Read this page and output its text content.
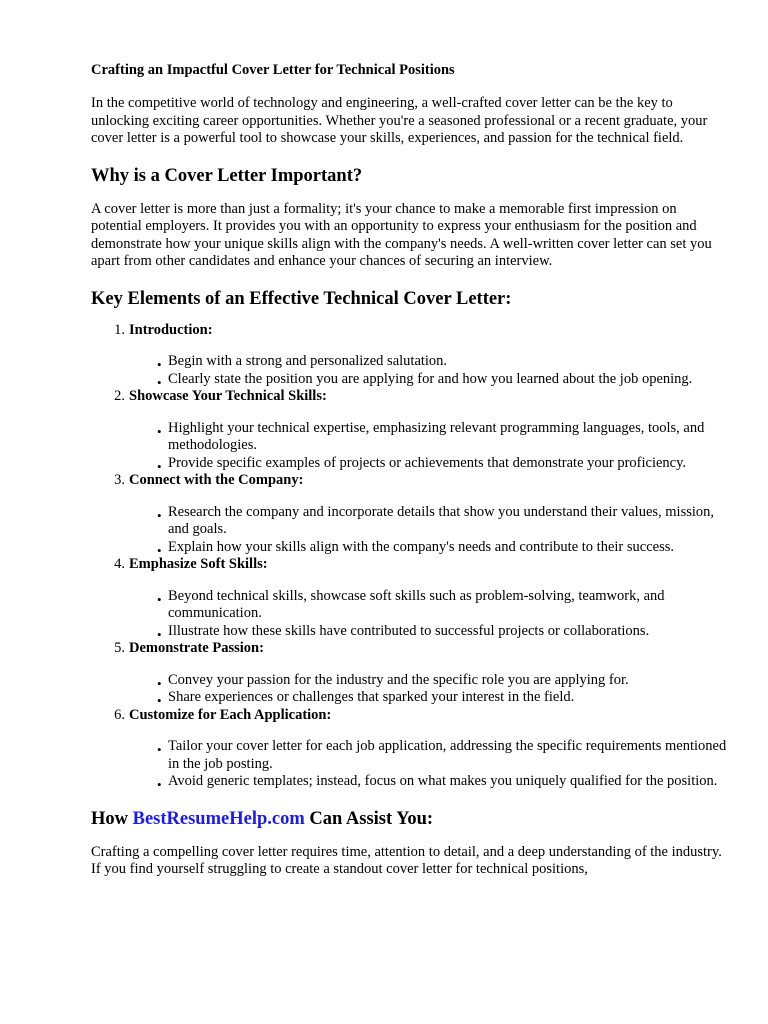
Crafting an Impactful Cover Letter for Technical Positions

In the competitive world of technology and engineering, a well-crafted cover letter can be the key to unlocking exciting career opportunities. Whether you're a seasoned professional or a recent graduate, your cover letter is a powerful tool to showcase your skills, experiences, and passion for the technical field.

Why is a Cover Letter Important?

A cover letter is more than just a formality; it's your chance to make a memorable first impression on potential employers. It provides you with an opportunity to express your enthusiasm for the position and demonstrate how your unique skills align with the company's needs. A well-written cover letter can set you apart from other candidates and enhance your chances of securing an interview.

Key Elements of an Effective Technical Cover Letter:
1. Introduction:
• Begin with a strong and personalized salutation.
• Clearly state the position you are applying for and how you learned about the job opening.
2. Showcase Your Technical Skills:
• Highlight your technical expertise, emphasizing relevant programming languages, tools, and methodologies.
• Provide specific examples of projects or achievements that demonstrate your proficiency.
3. Connect with the Company:
• Research the company and incorporate details that show you understand their values, mission, and goals.
• Explain how your skills align with the company's needs and contribute to their success.
4. Emphasize Soft Skills:
• Beyond technical skills, showcase soft skills such as problem-solving, teamwork, and communication.
• Illustrate how these skills have contributed to successful projects or collaborations.
5. Demonstrate Passion:
• Convey your passion for the industry and the specific role you are applying for.
• Share experiences or challenges that sparked your interest in the field.
6. Customize for Each Application:
• Tailor your cover letter for each job application, addressing the specific requirements mentioned in the job posting.
• Avoid generic templates; instead, focus on what makes you uniquely qualified for the position.
How BestResumeHelp.com Can Assist You:

Crafting a compelling cover letter requires time, attention to detail, and a deep understanding of the industry. If you find yourself struggling to create a standout cover letter for technical positions,
